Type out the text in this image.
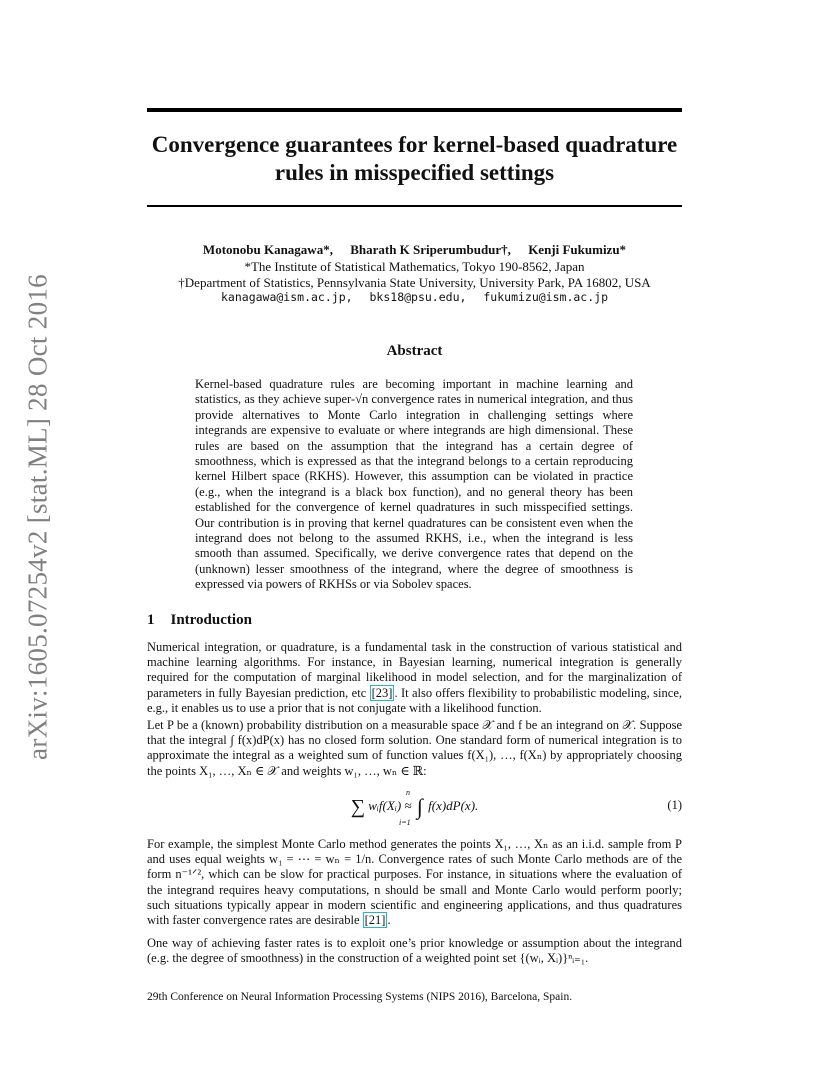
arXiv:1605.07254v2 [stat.ML] 28 Oct 2016
Convergence guarantees for kernel-based quadrature
rules in misspecified settings
Motonobu Kanagawa*, Bharath K Sriperumbudur†, Kenji Fukumizu*
*The Institute of Statistical Mathematics, Tokyo 190-8562, Japan
†Department of Statistics, Pennsylvania State University, University Park, PA 16802, USA
kanagawa@ism.ac.jp, bks18@psu.edu, fukumizu@ism.ac.jp
Abstract

Kernel-based quadrature rules are becoming important in machine learning and statistics, as they achieve super-√n convergence rates in numerical integration, and thus provide alternatives to Monte Carlo integration in challenging settings where integrands are expensive to evaluate or where integrands are high dimensional. These rules are based on the assumption that the integrand has a certain degree of smoothness, which is expressed as that the integrand belongs to a certain reproducing kernel Hilbert space (RKHS). However, this assumption can be violated in practice (e.g., when the integrand is a black box function), and no general theory has been established for the convergence of kernel quadratures in such misspecified settings. Our contribution is in proving that kernel quadratures can be consistent even when the integrand does not belong to the assumed RKHS, i.e., when the integrand is less smooth than assumed. Specifically, we derive convergence rates that depend on the (unknown) lesser smoothness of the integrand, where the degree of smoothness is expressed via powers of RKHSs or via Sobolev spaces.

1 Introduction

Numerical integration, or quadrature, is a fundamental task in the construction of various statistical and machine learning algorithms. For instance, in Bayesian learning, numerical integration is generally required for the computation of marginal likelihood in model selection, and for the marginalization of parameters in fully Bayesian prediction, etc [23] . It also offers flexibility to probabilistic modeling, since, e.g., it enables us to use a prior that is not conjugate with a likelihood function.

Let P be a (known) probability distribution on a measurable space 𝒳 and f be an integrand on 𝒳. Suppose that the integral ∫ f(x)dP(x) has no closed form solution. One standard form of numerical integration is to approximate the integral as a weighted sum of function values f(X₁), …, f(Xₙ) by appropriately choosing the points X₁, …, Xₙ ∈ 𝒳 and weights w₁, …, wₙ ∈ ℝ:

n
i=1
∑ wᵢf(Xᵢ) ≈ ∫ f(x)dP(x).	(1)

For example, the simplest Monte Carlo method generates the points X₁, …, Xₙ as an i.i.d. sample from P and uses equal weights w₁ = ⋯ = wₙ = 1/n. Convergence rates of such Monte Carlo methods are of the form n⁻¹ᐟ², which can be slow for practical purposes. For instance, in situations where the evaluation of the integrand requires heavy computations, n should be small and Monte Carlo would perform poorly; such situations typically appear in modern scientific and engineering applications, and thus quadratures with faster convergence rates are desirable [21] .

One way of achieving faster rates is to exploit one’s prior knowledge or assumption about the integrand (e.g. the degree of smoothness) in the construction of a weighted point set {(wᵢ, Xᵢ)}ⁿᵢ₌₁.

29th Conference on Neural Information Processing Systems (NIPS 2016), Barcelona, Spain.
